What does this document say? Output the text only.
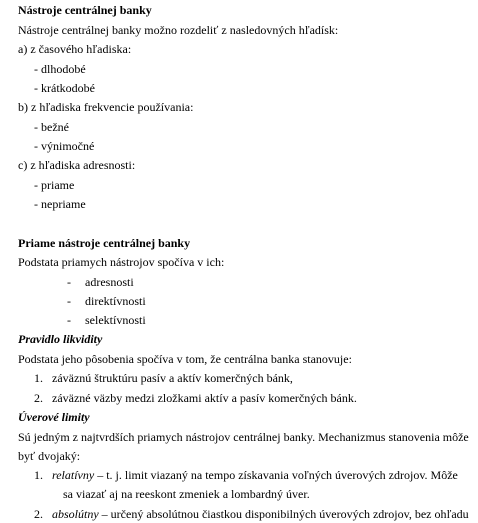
Nástroje centrálnej banky
Nástroje centrálnej banky možno rozdeliť z nasledovných hľadísk:
a) z časového hľadiska:
- dlhodobé
- krátkodobé
b) z hľadiska frekvencie používania:
- bežné
- výnimočné
c) z hľadiska adresnosti:
- priame
- nepriame
Priame nástroje centrálnej banky
Podstata priamych nástrojov spočíva v ich:
- adresnosti
- direktívnosti
- selektívnosti
Pravidlo likvidity
Podstata jeho pôsobenia spočíva v tom, že centrálna banka stanovuje:
1. záväznú štruktúru pasív a aktív komerčných bánk,
2. záväzné väzby medzi zložkami aktív a pasív komerčných bánk.
Úverové limity
Sú jedným z najtvrdších priamych nástrojov centrálnej banky. Mechanizmus stanovenia môže
byť dvojaký:
1. relatívny – t. j. limit viazaný na tempo získavania voľných úverových zdrojov. Môže
sa viazať aj na reeskont zmeniek a lombardný úver.
2. absolútny – určený absolútnou čiastkou disponibilných úverových zdrojov, bez ohľadu
